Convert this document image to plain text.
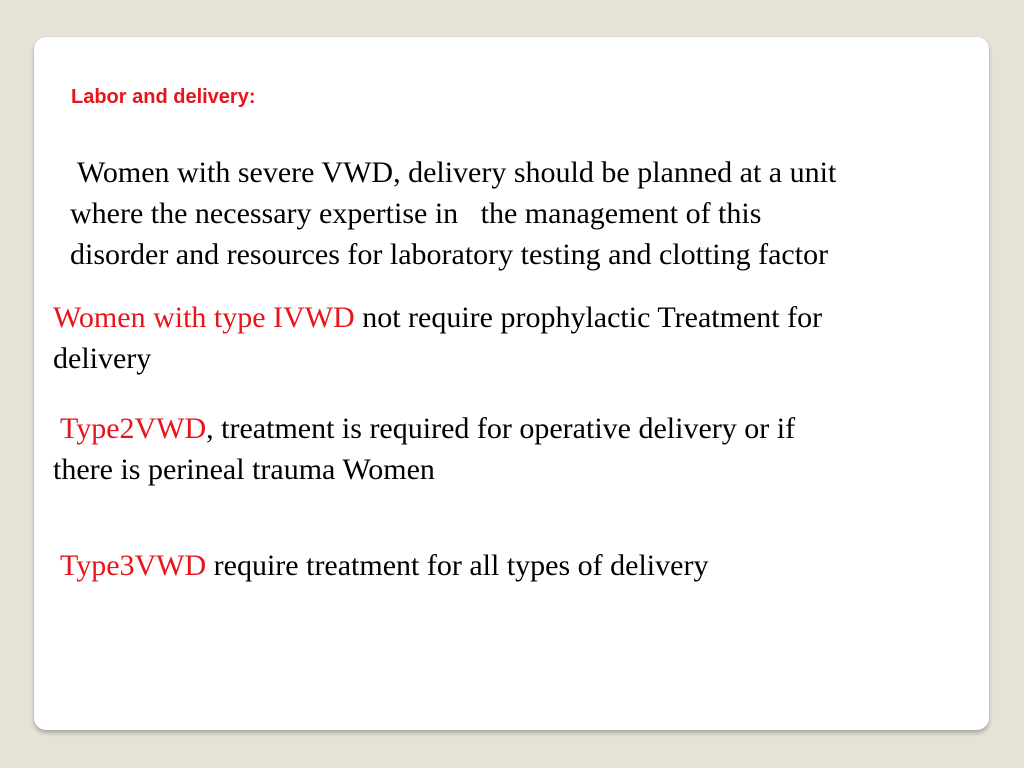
Labor and delivery:
Women with severe VWD, delivery should be planned at a unit
where the necessary expertise in   the management of this
disorder and resources for laboratory testing and clotting factor
Women with type IVWD not require prophylactic Treatment for
delivery
Type2VWD, treatment is required for operative delivery or if
there is perineal trauma Women
Type3VWD require treatment for all types of delivery
